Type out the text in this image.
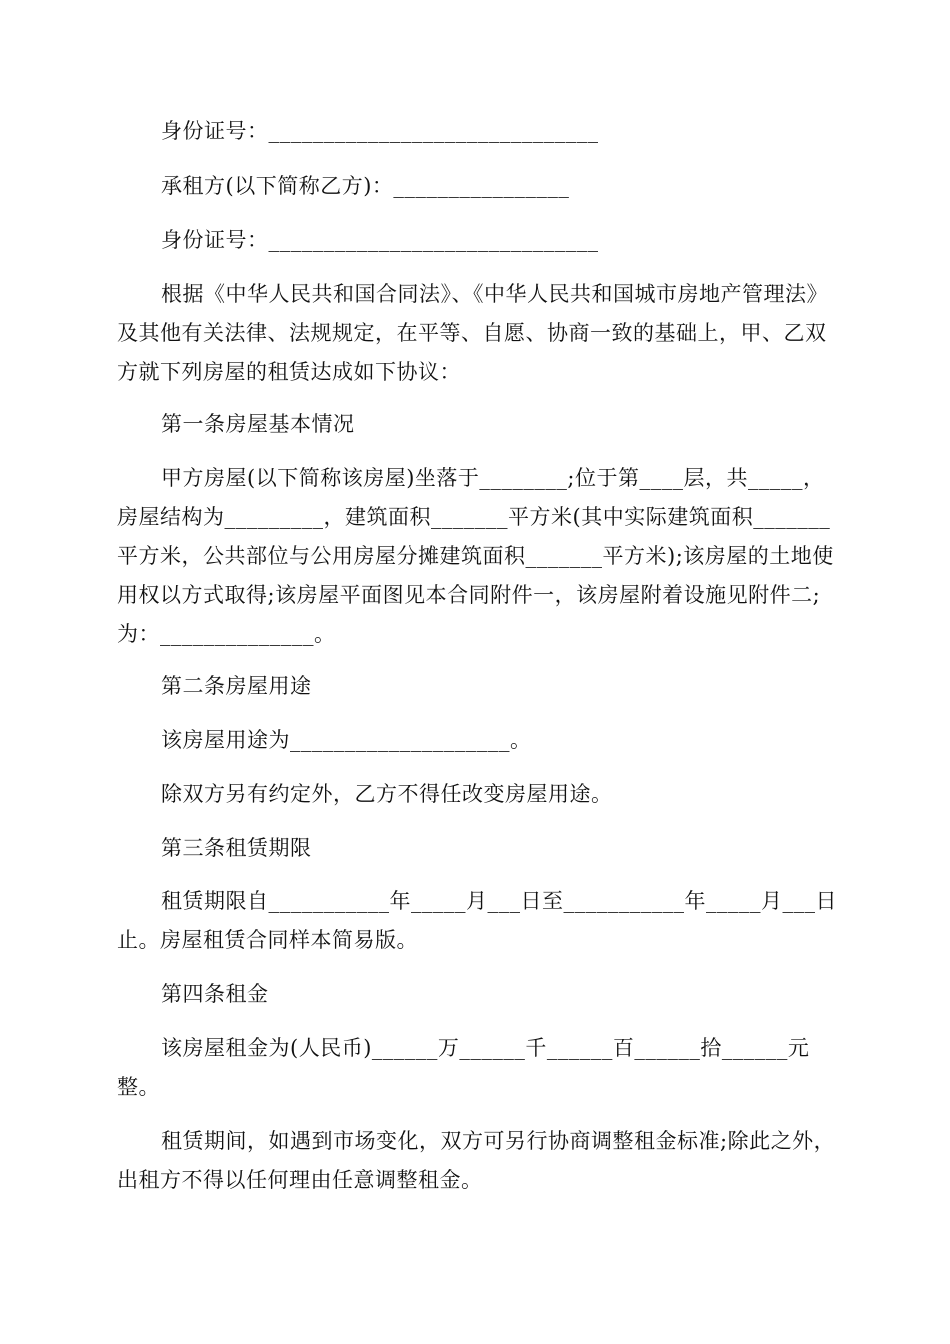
身份证号：______________________________

承租方(以下简称乙方)：________________

身份证号：______________________________

根据《中华人民共和国合同法》、《中华人民共和国城市房地产管理法》及其他有关法律、法规规定，在平等、自愿、协商一致的基础上，甲、乙双方就下列房屋的租赁达成如下协议：

第一条房屋基本情况

甲方房屋(以下简称该房屋)坐落于________;位于第____层，共_____，房屋结构为_________，建筑面积_______平方米(其中实际建筑面积_______平方米，公共部位与公用房屋分摊建筑面积_______平方米);该房屋的土地使用权以方式取得;该房屋平面图见本合同附件一，该房屋附着设施见附件二;为：______________。

第二条房屋用途

该房屋用途为____________________。

除双方另有约定外，乙方不得任改变房屋用途。

第三条租赁期限

租赁期限自___________年_____月___日至___________年_____月___日止。房屋租赁合同样本简易版。

第四条租金

该房屋租金为(人民币)______万______千______百______拾______元整。

租赁期间，如遇到市场变化，双方可另行协商调整租金标准;除此之外，出租方不得以任何理由任意调整租金。
